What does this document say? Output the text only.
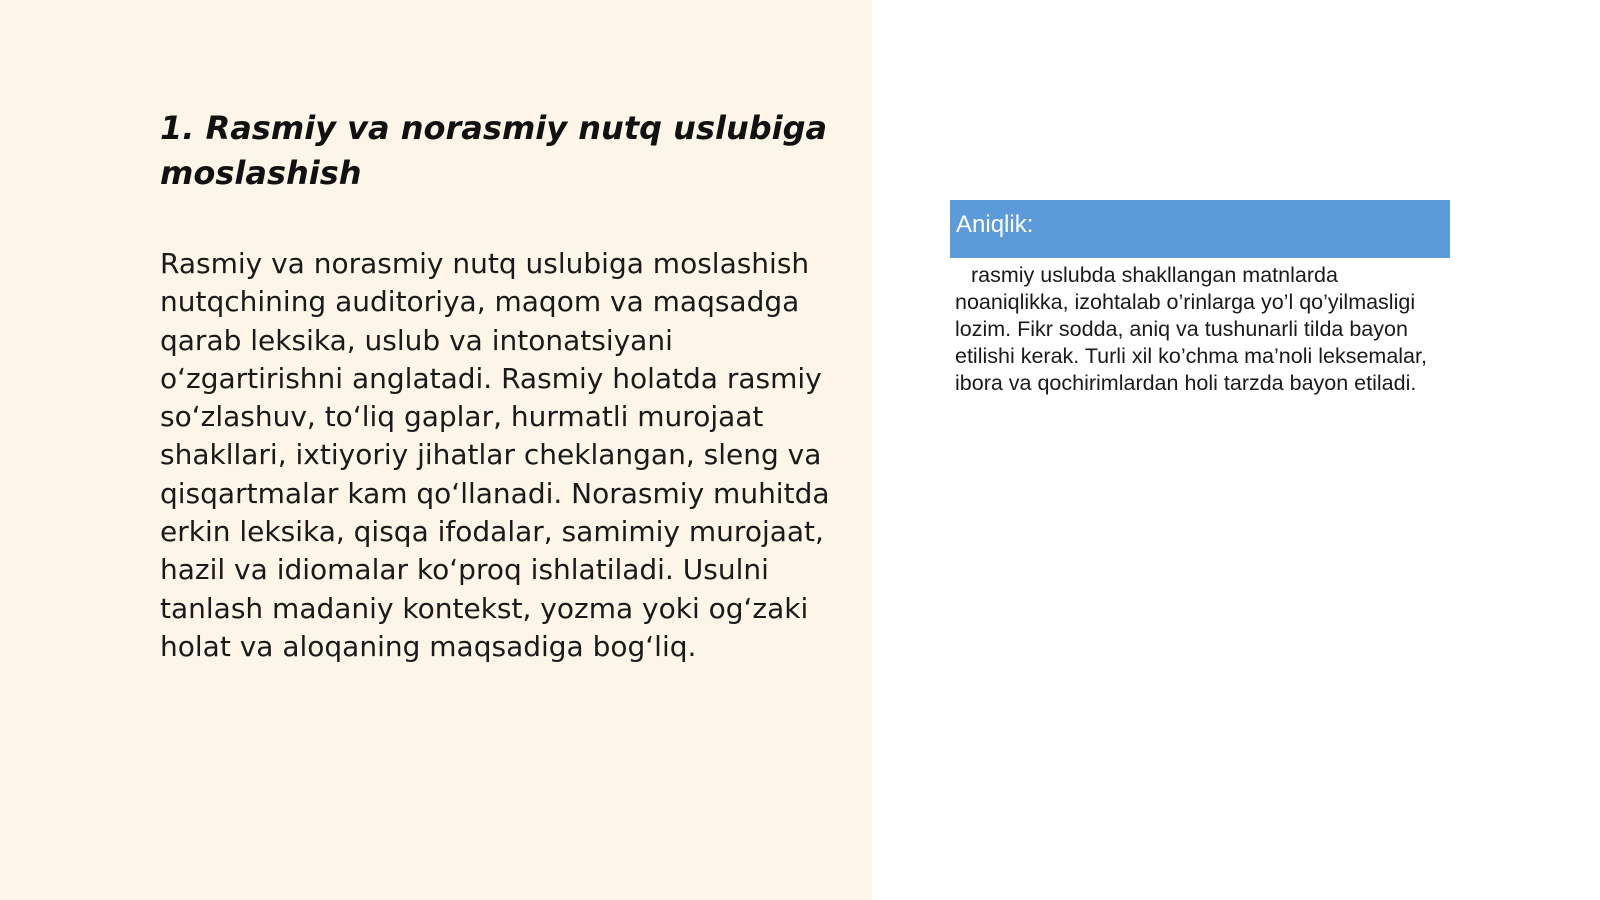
1. Rasmiy va norasmiy nutq uslubiga moslashish

Rasmiy va norasmiy nutq uslubiga moslashish nutqchining auditoriya, maqom va maqsadga qarab leksika, uslub va intonatsiyani oʻzgartirishni anglatadi. Rasmiy holatda rasmiy soʻzlashuv, toʻliq gaplar, hurmatli murojaat shakllari, ixtiyoriy jihatlar cheklangan, sleng va qisqartmalar kam qoʻllanadi. Norasmiy muhitda erkin leksika, qisqa ifodalar, samimiy murojaat, hazil va idiomalar koʻproq ishlatiladi. Usulni tanlash madaniy kontekst, yozma yoki ogʻzaki holat va aloqaning maqsadiga bogʻliq.

Aniqlik:

rasmiy uslubda shakllangan matnlarda noaniqlikka, izohtalab o’rinlarga yo’l qo’yilmasligi lozim. Fikr sodda, aniq va tushunarli tilda bayon etilishi kerak. Turli xil ko’chma ma’noli leksemalar, ibora va qochirimlardan holi tarzda bayon etiladi.
